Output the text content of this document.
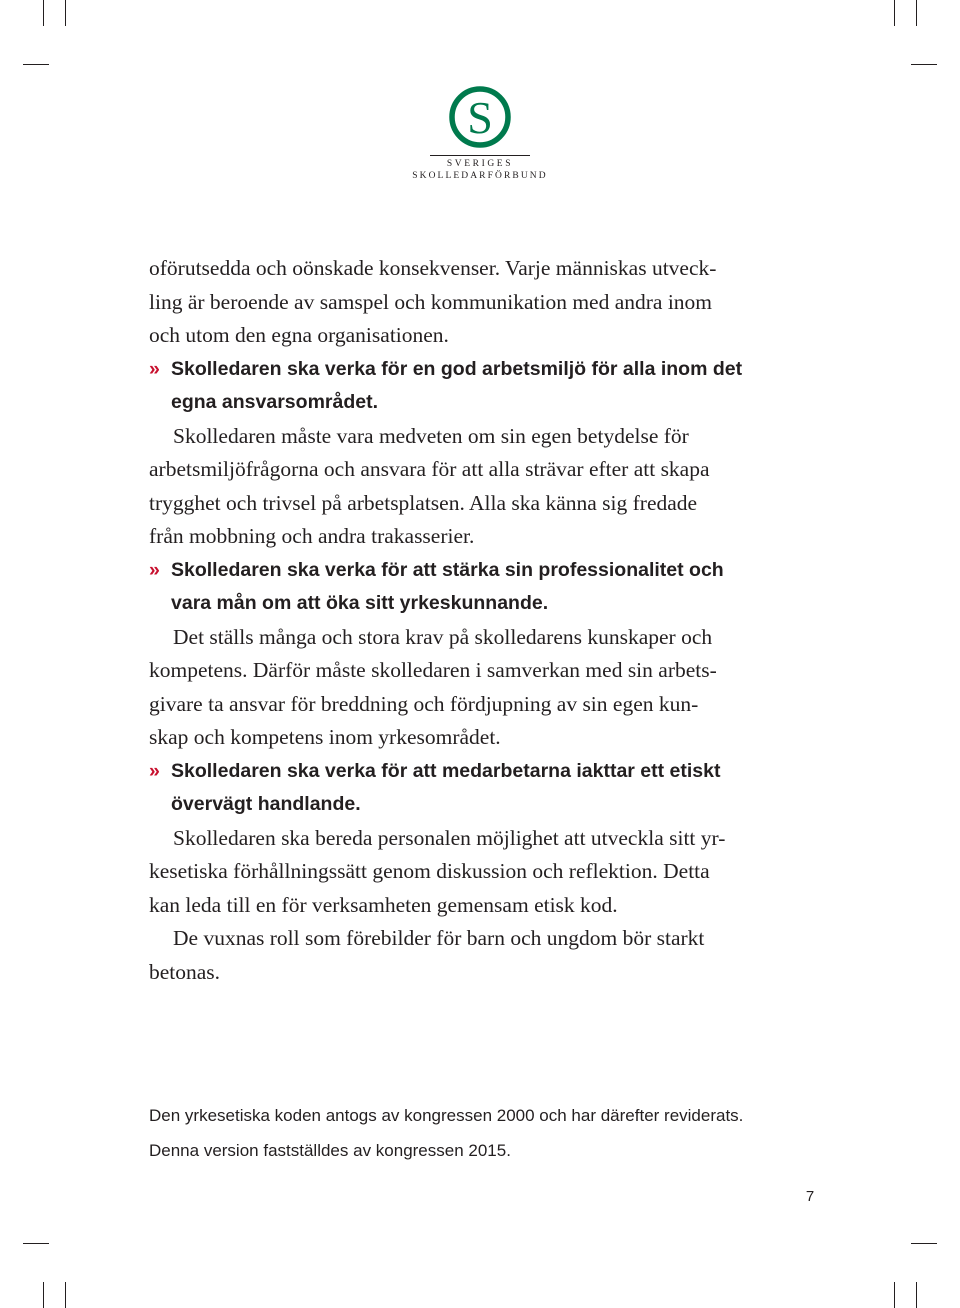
S
SVERIGES
SKOLLEDARFÖRBUND

oförutsedda och oönskade konsekvenser. Varje människas utveck-
ling är beroende av samspel och kommunikation med andra inom
och utom den egna organisationen.

» Skolledaren ska verka för en god arbetsmiljö för alla inom det
egna ansvarsområdet.

Skolledaren måste vara medveten om sin egen betydelse för
arbetsmiljöfrågorna och ansvara för att alla strävar efter att skapa
trygghet och trivsel på arbetsplatsen. Alla ska känna sig fredade
från mobbning och andra trakasserier.

» Skolledaren ska verka för att stärka sin professionalitet och
vara mån om att öka sitt yrkeskunnande.

Det ställs många och stora krav på skolledarens kunskaper och
kompetens. Därför måste skolledaren i samverkan med sin arbets-
givare ta ansvar för breddning och fördjupning av sin egen kun-
skap och kompetens inom yrkesområdet.

» Skolledaren ska verka för att medarbetarna iakttar ett etiskt
övervägt handlande.

Skolledaren ska bereda personalen möjlighet att utveckla sitt yr-
kesetiska förhållningssätt genom diskussion och reflektion. Detta
kan leda till en för verksamheten gemensam etisk kod.

De vuxnas roll som förebilder för barn och ungdom bör starkt
betonas.

Den yrkesetiska koden antogs av kongressen 2000 och har därefter reviderats.

Denna version fastställdes av kongressen 2015.

7
